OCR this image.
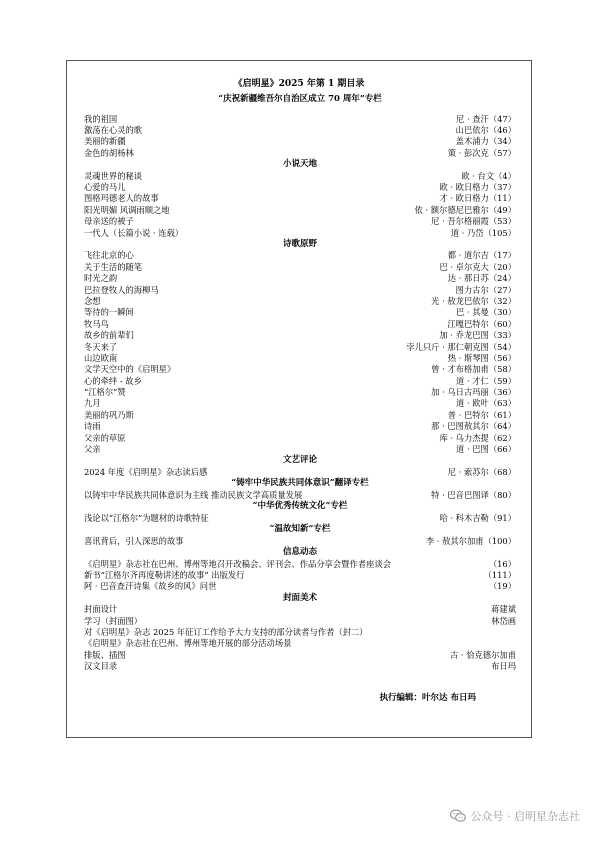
《启明星》2025 年第 1 期目录
“庆祝新疆维吾尔自治区成立 70 周年”专栏
我的祖国	尼 · 查汗（47）
激荡在心灵的歌	山巴依尔（46）
美丽的新疆	盖木浦力（34）
金色的胡杨林	策 · 彭次克（57）
小说天地
灵魂世界的秘谈	欧 · 台文（4）
心爱的马儿	欧 · 欧日格力（37）
图格玛德老人的故事	才 · 欧日格力（11）
阳光明媚 风调雨顺之地	依 · 额尔德尼巴雅尔（49）
母亲送的被子	尼 · 吾尔格丽霞（53）
一代人（长篇小说 · 连载）	道 · 乃岱（105）
诗歌原野
飞往北京的心	都 · 道尔吉（17）
关于生活的随笔	巴 · 卓尔克大（20）
时光之韵	达 · 那日苏（24）
巴拉登牧人的海柳马	图力古尔（27）
念想	光 · 敖龙巴依尔（32）
等待的一瞬间	巴 · 其曼（30）
牧马鸟	江嘎巴特尔（60）
故乡的前辈们	加 · 乔龙巴图（33）
冬天来了	孛儿只斤 · 那仁朝克图（54）
山边欧南	热 · 斯琴图（56）
文学天空中的《启明星》	曾 · 才布格加甫（58）
心的牵绊 - 故乡	道 · 才仁（59）
“江格尔”赞	加 · 乌日古玛丽（36）
九月	道 · 欧叶（63）
美丽的巩乃斯	普 · 巴特尔（61）
诗雨	那 · 巴图敖其尔（64）
父亲的草原	库 · 乌力杰提（62）
父亲	道 · 巴图（66）
文艺评论
2024 年度《启明星》杂志读后感	尼 · 索苏尔（68）
“铸牢中华民族共同体意识”翻译专栏
以铸牢中华民族共同体意识为主线 推动民族文学高质量发展	特 · 巴音巴图译（80）
“中华优秀传统文化”专栏
浅论以“江格尔”为题材的诗歌特征	哈 · 科木吉勒（91）
“温故知新”专栏
喜讯背后，引人深思的故事	李 · 敖其尔加甫（100）
信息动态
《启明星》杂志社在巴州、博州等地召开改稿会、评刊会、作品分享会暨作者座谈会	（16）
新书“江格尔齐再度勒讲述的故事” 出版发行	（111）
阿 · 巴音查汗诗集《故乡的风》问世	（19）
封面美术
封面设计	蒋建斌
学习（封面图）	林岱画
对《启明星》杂志 2025 年征订工作给予大力支持的部分读者与作者（封二）
《启明星》杂志社在巴州、博州等地开展的部分活动场景
排版、插图	古 · 恰克德尔加甫
汉文目录	布日玛
执行编辑：叶尔达 布日玛
公众号 · 启明星杂志社
